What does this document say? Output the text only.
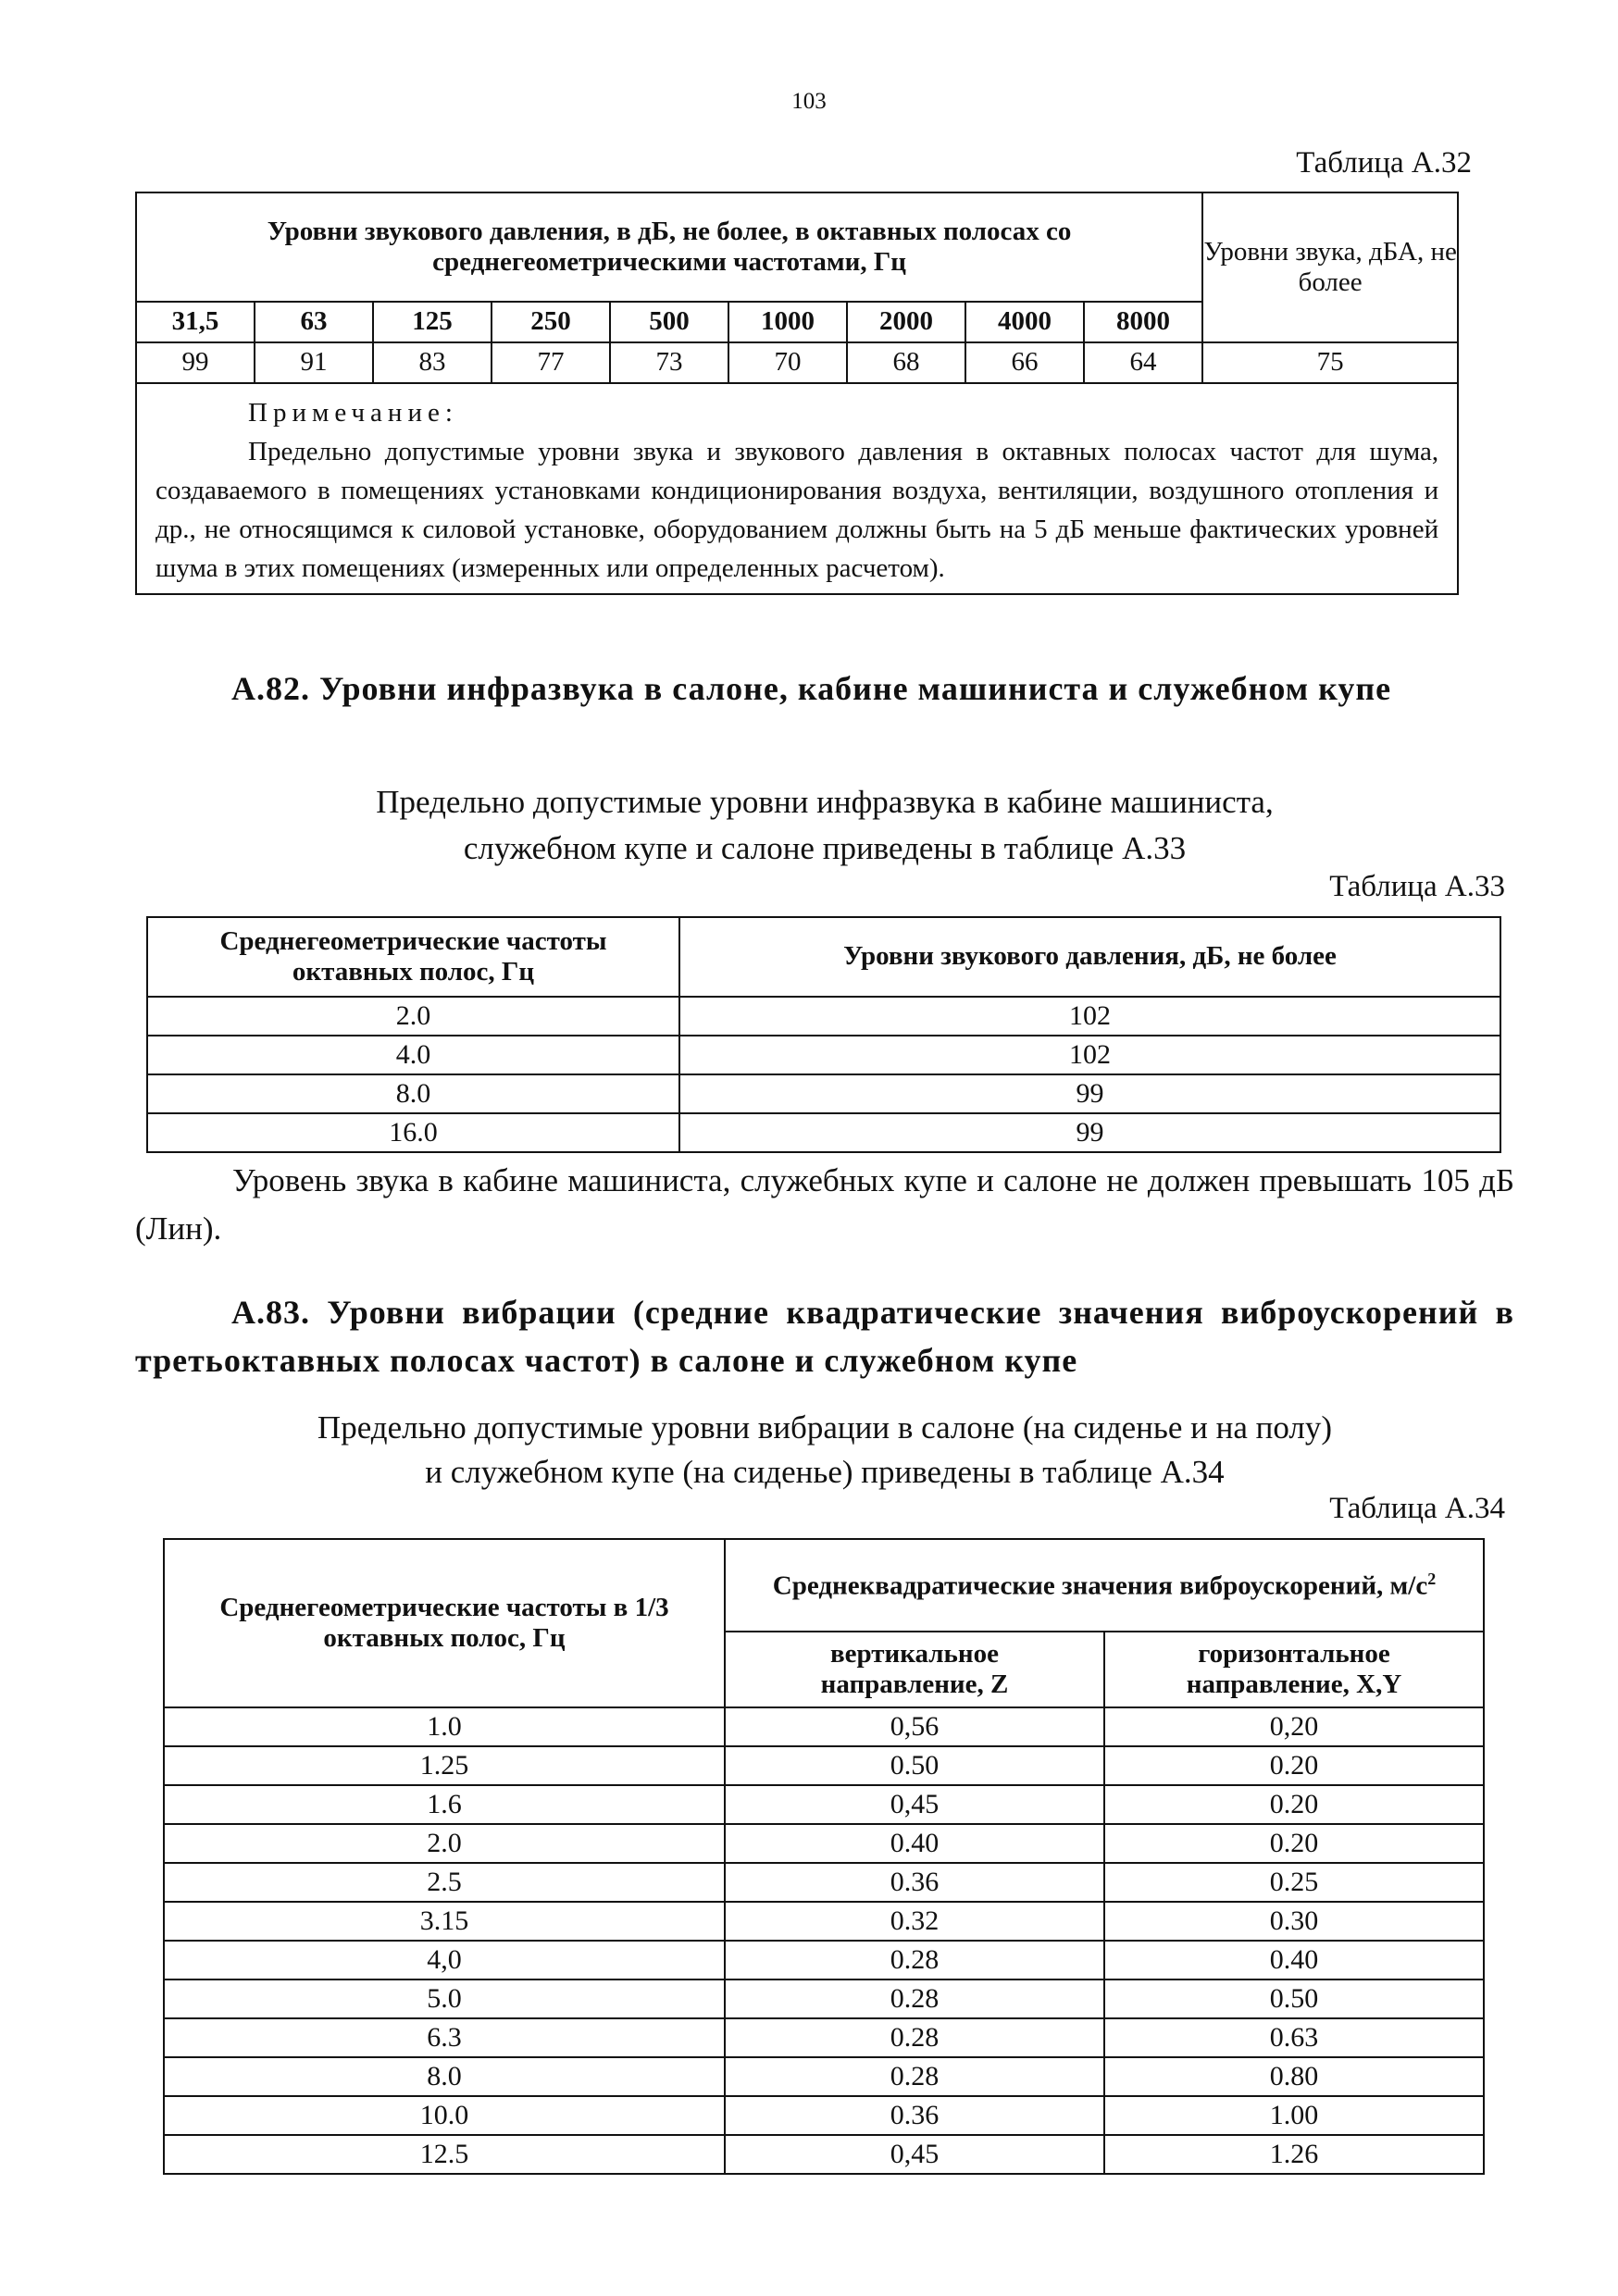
103
Таблица А.32
Уровни звукового давления, в дБ, не более, в октавных полосах со среднегеометрическими частотами, Гц									Уровни звука, дБА, не более
31,5	63	125	250	500	1000	2000	4000	8000	
99	91	83	77	73	70	68	66	64	75

Примечание:
Предельно допустимые уровни звука и звукового давления в октавных полосах частот для шума, создаваемого в помещениях установками кондиционирования воздуха, вентиляции, воздушного отопления и др., не относящимся к силовой установке, оборудованием должны быть на 5 дБ меньше фактических уровней шума в этих помещениях (измеренных или определенных расчетом).									
А.82. Уровни инфразвука в салоне, кабине машиниста и служебном купе
Предельно допустимые уровни инфразвука в кабине машиниста,
служебном купе и салоне приведены в таблице А.33
Таблица А.33
Среднегеометрические частоты октавных полос, Гц	Уровни звукового давления, дБ, не более
2.0	102
4.0	102
8.0	99
16.0	99
Уровень звука в кабине машиниста, служебных купе и салоне не должен превышать 105 дБ (Лин).
А.83. Уровни вибрации (средние квадратические значения виброускорений в третьоктавных полосах частот) в салоне и служебном купе
Предельно допустимые уровни вибрации в салоне (на сиденье и на полу)
и служебном купе (на сиденье) приведены в таблице А.34
Таблица А.34
Среднегеометрические частоты в 1/3 октавных полос, Гц	Среднеквадратические значения виброускорений, $м/с^2$
	вертикальное направление, Z	горизонтальное направление, X,Y
1.0	0,56	0,20
1.25	0.50	0.20
1.6	0,45	0.20
2.0	0.40	0.20
2.5	0.36	0.25
3.15	0.32	0.30
4,0	0.28	0.40
5.0	0.28	0.50
6.3	0.28	0.63
8.0	0.28	0.80
10.0	0.36	1.00
12.5	0,45	1.26
